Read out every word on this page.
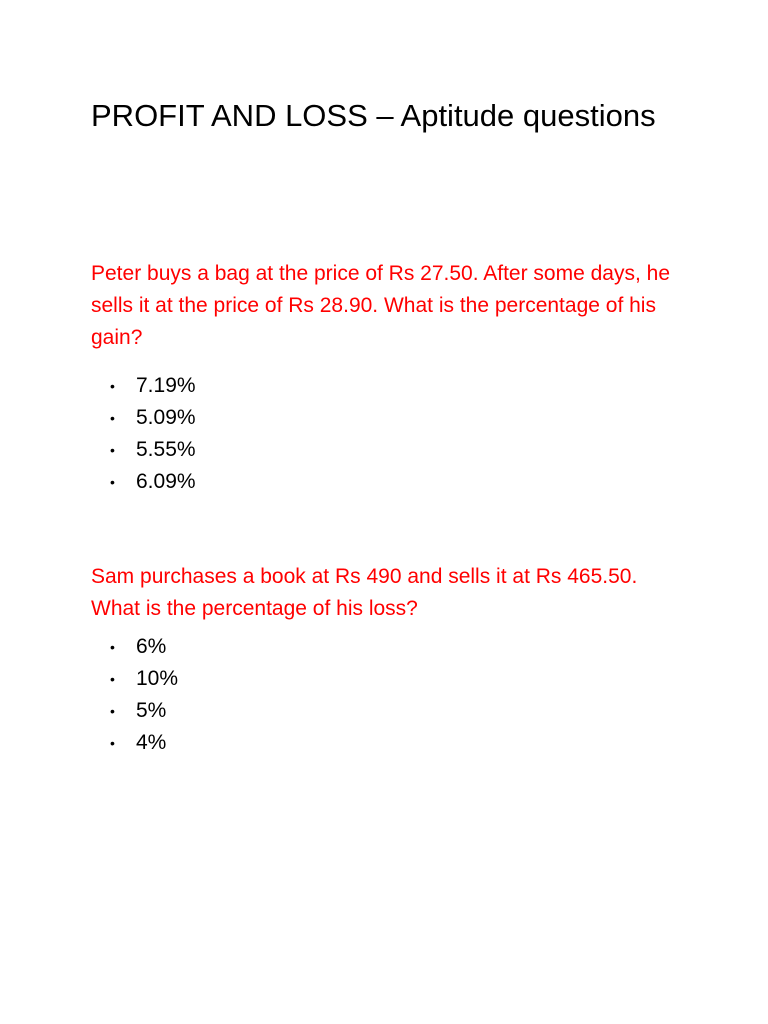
PROFIT AND LOSS – Aptitude questions

Peter buys a bag at the price of Rs 27.50. After some days, he sells it at the price of Rs 28.90. What is the percentage of his gain?

• 7.19%
• 5.09%
• 5.55%
• 6.09%

Sam purchases a book at Rs 490 and sells it at Rs 465.50. What is the percentage of his loss?

• 6%
• 10%
• 5%
• 4%
